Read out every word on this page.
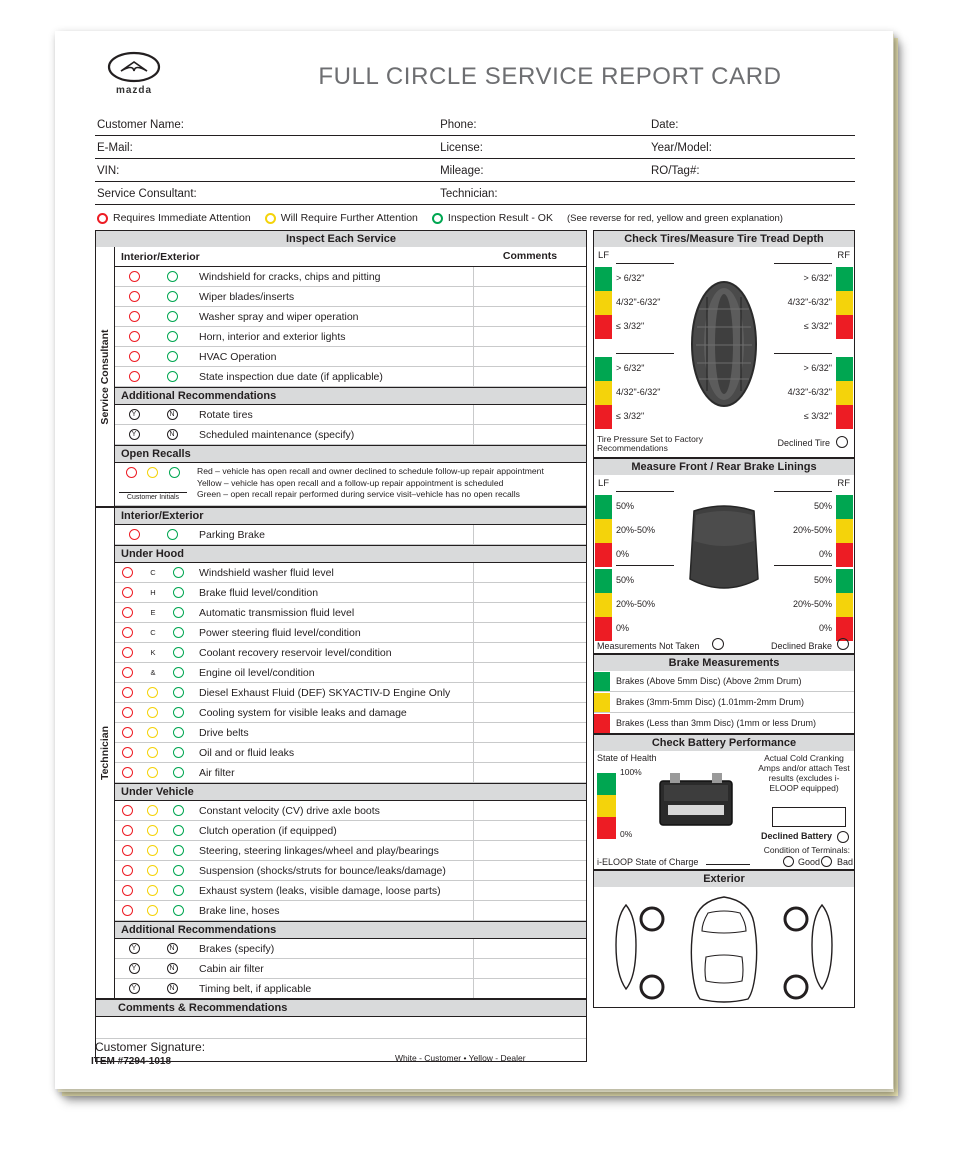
mazda
FULL CIRCLE SERVICE REPORT CARD
Customer Name:	Phone:	Date:
E-Mail:	License:	Year/Model:
VIN:	Mileage:	RO/Tag#:
Service Consultant:	Technician:	
Requires Immediate Attention	Will Require Further Attention	Inspection Result - OK (See reverse for red, yellow and green explanation)
Inspect Each Service
Service Consultant
Interior/Exterior	Comments
Windshield for cracks, chips and pitting
Wiper blades/inserts
Washer spray and wiper operation
Horn, interior and exterior lights
HVAC Operation
State inspection due date (if applicable)
Additional Recommendations
Y	N	Rotate tires
Y	N	Scheduled maintenance (specify)
Open Recalls
Customer Initials
Red – vehicle has open recall and owner declined to schedule follow-up repair appointment
Yellow – vehicle has open recall and a follow-up repair appointment is scheduled
Green – open recall repair performed during service visit–vehicle has no open recalls
Technician
Interior/Exterior
Parking Brake
Under Hood
C	Windshield washer fluid level
H	Brake fluid level/condition
E	Automatic transmission fluid level
C	Power steering fluid level/condition
K	Coolant recovery reservoir level/condition
&	Engine oil level/condition
Diesel Exhaust Fluid (DEF) SKYACTIV-D Engine Only
Cooling system for visible leaks and damage
Drive belts
Oil and or fluid leaks
Air filter
Under Vehicle
Constant velocity (CV) drive axle boots
Clutch operation (if equipped)
Steering, steering linkages/wheel and play/bearings
Suspension (shocks/struts for bounce/leaks/damage)
Exhaust system (leaks, visible damage, loose parts)
Brake line, hoses
Additional Recommendations
Y	N	Brakes (specify)
Y	N	Cabin air filter
Y	N	Timing belt, if applicable
Comments & Recommendations
Check Tires/Measure Tire Tread Depth
LF	RF
> 6/32"
4/32"-6/32"
≤ 3/32"
> 6/32"
4/32"-6/32"
≤ 3/32"
> 6/32"
4/32"-6/32"
≤ 3/32"
> 6/32"
4/32"-6/32"
≤ 3/32"
Tire Pressure Set to Factory Recommendations	Declined Tire
Measure Front / Rear Brake Linings
LF	RF
50%
20%-50%
0%
50%
20%-50%
0%
50%
20%-50%
0%
50%
20%-50%
0%
Measurements Not Taken	Declined Brake
Brake Measurements
Brakes (Above 5mm Disc) (Above 2mm Drum)
Brakes (3mm-5mm Disc) (1.01mm-2mm Drum)
Brakes (Less than 3mm Disc) (1mm or less Drum)
Check Battery Performance
State of Health
100%
0%
Actual Cold Cranking Amps and/or attach Test results (excludes i-ELOOP equipped)
Declined Battery
Condition of Terminals:
Good Bad
i-ELOOP State of Charge
Exterior
Customer Signature:
ITEM #7294-1018	White - Customer • Yellow - Dealer
